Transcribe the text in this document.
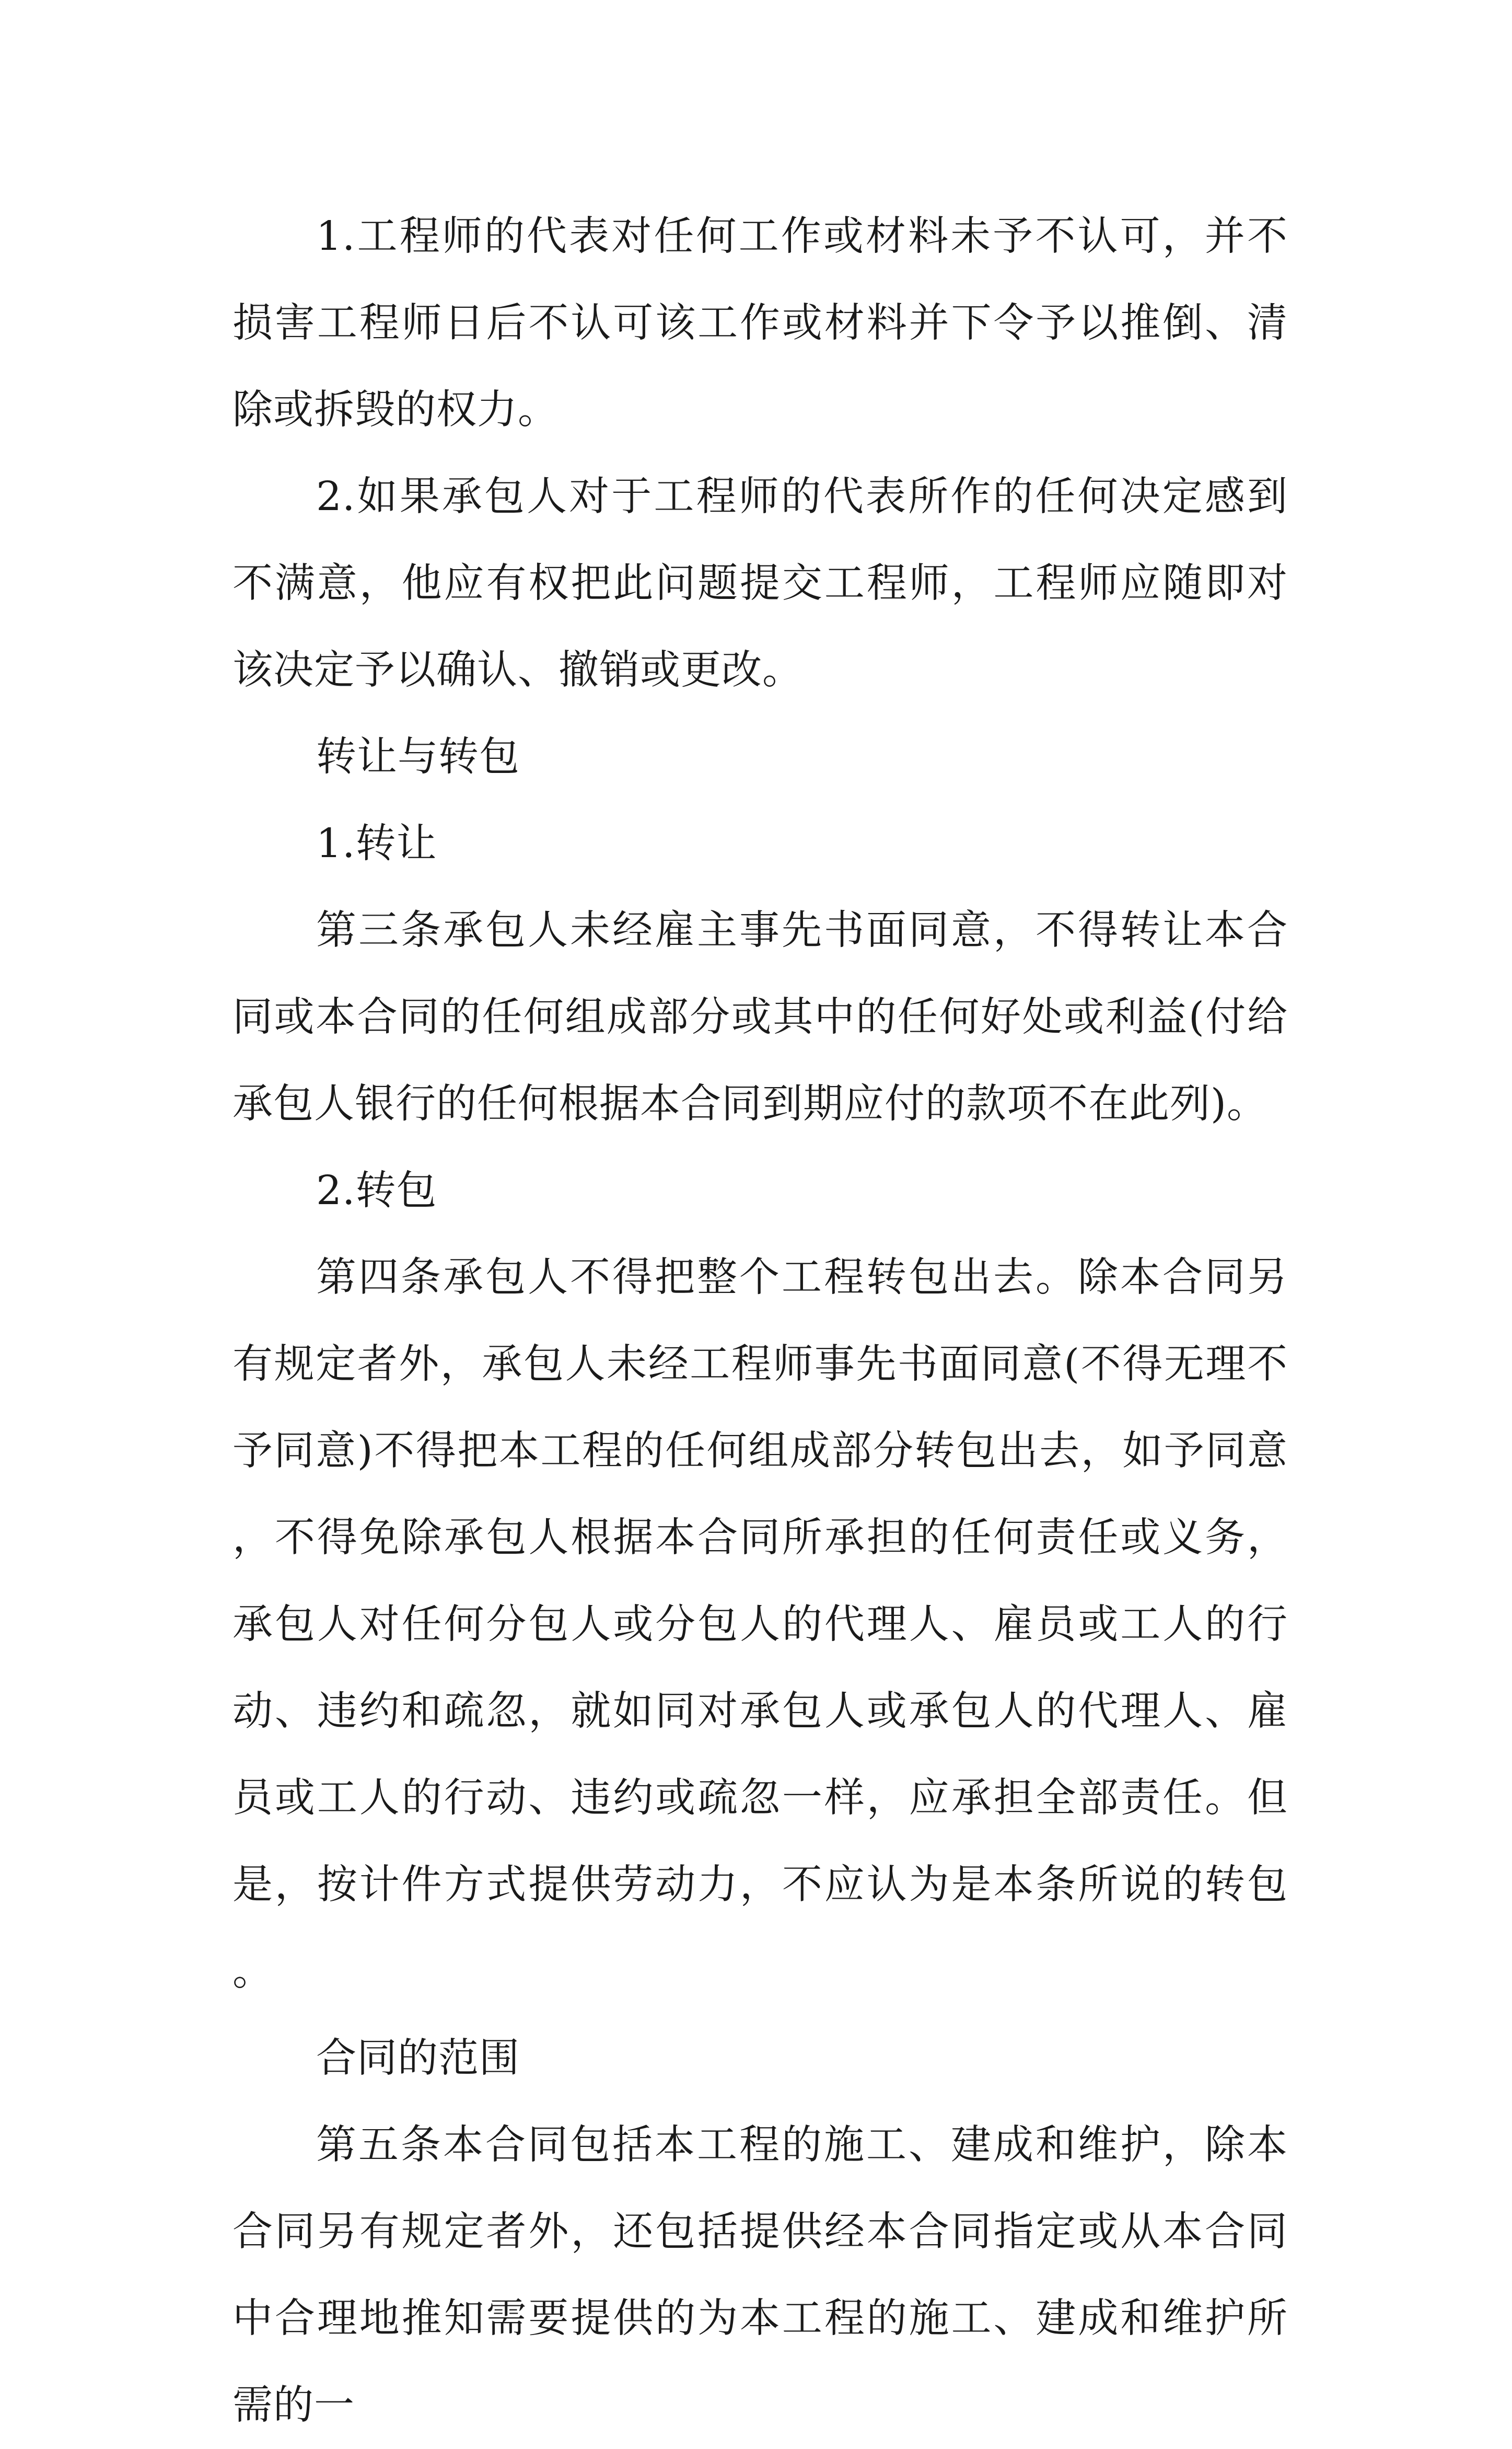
1.工程师的代表对任何工作或材料未予不认可，并不损害工程师日后不认可该工作或材料并下令予以推倒、清除或拆毁的权力。

2.如果承包人对于工程师的代表所作的任何决定感到不满意，他应有权把此问题提交工程师，工程师应随即对该决定予以确认、撤销或更改。

转让与转包

1.转让

第三条承包人未经雇主事先书面同意，不得转让本合同或本合同的任何组成部分或其中的任何好处或利益(付给承包人银行的任何根据本合同到期应付的款项不在此列)。

2.转包

第四条承包人不得把整个工程转包出去。除本合同另有规定者外，承包人未经工程师事先书面同意(不得无理不予同意)不得把本工程的任何组成部分转包出去，如予同意，不得免除承包人根据本合同所承担的任何责任或义务，承包人对任何分包人或分包人的代理人、雇员或工人的行动、违约和疏忽，就如同对承包人或承包人的代理人、雇员或工人的行动、违约或疏忽一样，应承担全部责任。但是，按计件方式提供劳动力，不应认为是本条所说的转包。

合同的范围

第五条本合同包括本工程的施工、建成和维护，除本合同另有规定者外，还包括提供经本合同指定或从本合同中合理地推知需要提供的为本工程的施工、建成和维护所需的一
